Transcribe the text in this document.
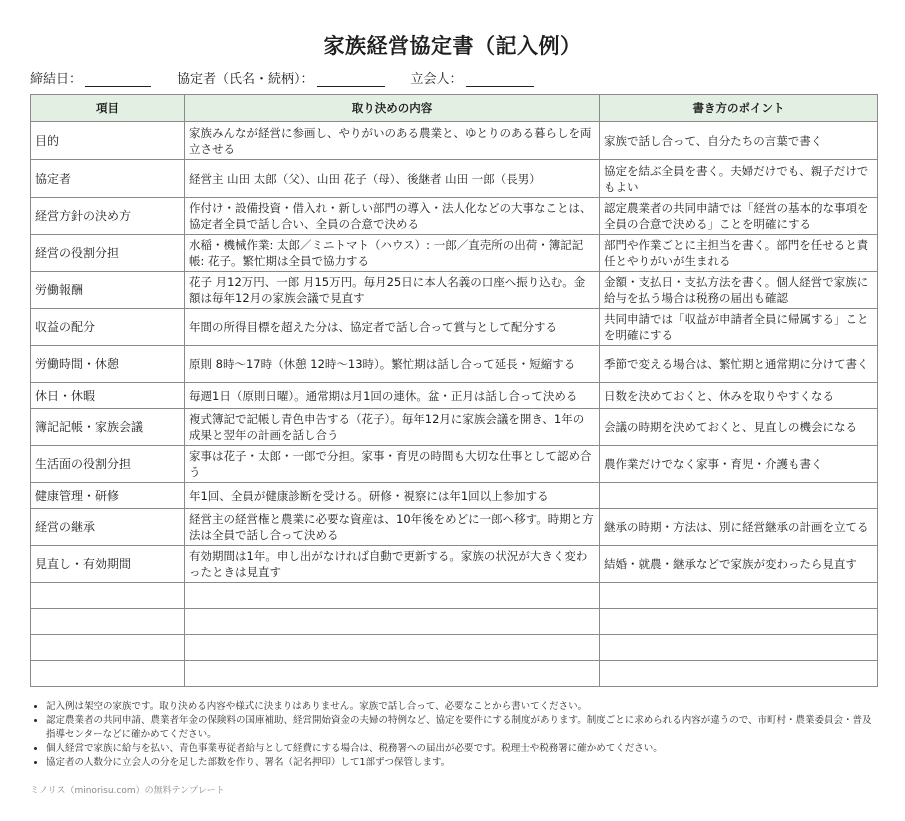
家族経営協定書（記入例）
締結日：	協定者（氏名・続柄）：	立会人：
項目	取り決めの内容	書き方のポイント
目的	家族みんなが経営に参画し、やりがいのある農業と、ゆとりのある暮らしを両立させる	家族で話し合って、自分たちの言葉で書く
協定者	経営主 山田 太郎（父）、山田 花子（母）、後継者 山田 一郎（長男）	協定を結ぶ全員を書く。夫婦だけでも、親子だけでもよい
経営方針の決め方	作付け・設備投資・借入れ・新しい部門の導入・法人化などの大事なことは、協定者全員で話し合い、全員の合意で決める	認定農業者の共同申請では「経営の基本的な事項を全員の合意で決める」ことを明確にする
経営の役割分担	水稲・機械作業: 太郎／ミニトマト（ハウス）: 一郎／直売所の出荷・簿記記帳: 花子。繁忙期は全員で協力する	部門や作業ごとに主担当を書く。部門を任せると責任とやりがいが生まれる
労働報酬	花子 月12万円、一郎 月15万円。毎月25日に本人名義の口座へ振り込む。金額は毎年12月の家族会議で見直す	金額・支払日・支払方法を書く。個人経営で家族に給与を払う場合は税務の届出も確認
収益の配分	年間の所得目標を超えた分は、協定者で話し合って賞与として配分する	共同申請では「収益が申請者全員に帰属する」ことを明確にする
労働時間・休憩	原則 8時〜17時（休憩 12時〜13時）。繁忙期は話し合って延長・短縮する	季節で変える場合は、繁忙期と通常期に分けて書く
休日・休暇	毎週1日（原則日曜）。通常期は月1回の連休。盆・正月は話し合って決める	日数を決めておくと、休みを取りやすくなる
簿記記帳・家族会議	複式簿記で記帳し青色申告する（花子）。毎年12月に家族会議を開き、1年の成果と翌年の計画を話し合う	会議の時期を決めておくと、見直しの機会になる
生活面の役割分担	家事は花子・太郎・一郎で分担。家事・育児の時間も大切な仕事として認め合う	農作業だけでなく家事・育児・介護も書く
健康管理・研修	年1回、全員が健康診断を受ける。研修・視察には年1回以上参加する	
経営の継承	経営主の経営権と農業に必要な資産は、10年後をめどに一郎へ移す。時期と方法は全員で話し合って決める	継承の時期・方法は、別に経営継承の計画を立てる
見直し・有効期間	有効期間は1年。申し出がなければ自動で更新する。家族の状況が大きく変わったときは見直す	結婚・就農・継承などで家族が変わったら見直す

• 記入例は架空の家族です。取り決める内容や様式に決まりはありません。家族で話し合って、必要なことから書いてください。
• 認定農業者の共同申請、農業者年金の保険料の国庫補助、経営開始資金の夫婦の特例など、協定を要件にする制度があります。制度ごとに求められる内容が違うので、市町村・農業委員会・普及指導センターなどに確かめてください。
• 個人経営で家族に給与を払い、青色事業専従者給与として経費にする場合は、税務署への届出が必要です。税理士や税務署に確かめてください。
• 協定者の人数分に立会人の分を足した部数を作り、署名（記名押印）して1部ずつ保管します。
ミノリス（minorisu.com）の無料テンプレート
